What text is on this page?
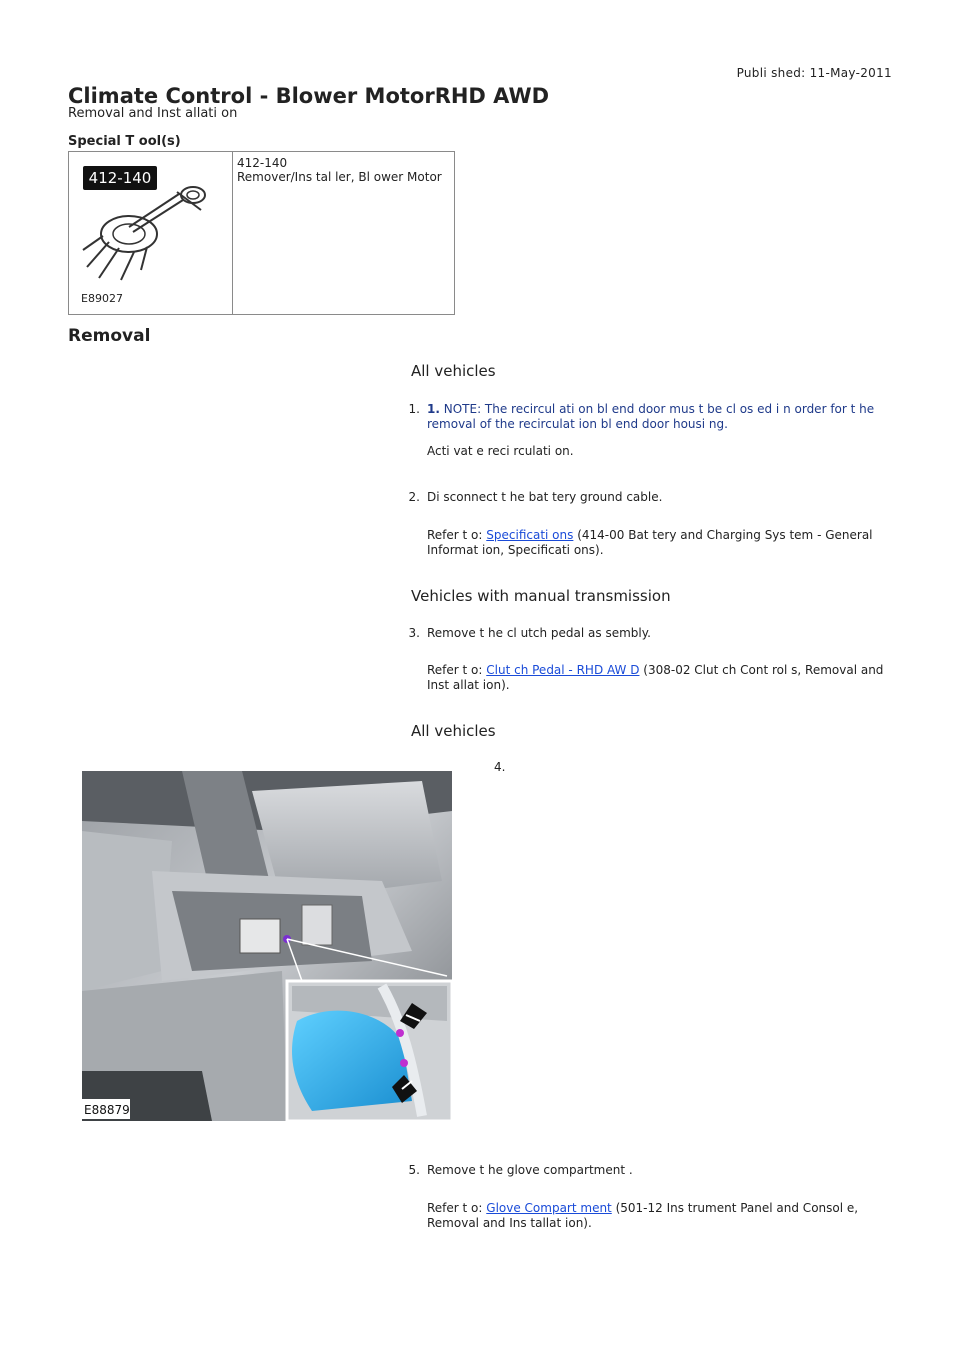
Publi shed: 11-May-2011
Climate Control - Blower MotorRHD AWD
Removal and Inst allati on
Special T ool(s)
412-140
E89027
412-140
Remover/Ins tal ler, Bl ower Motor
Removal
All vehicles
1. 1. NOTE: The recircul ati on bl end door mus t be cl os ed i n order for t he removal of the recirculat ion bl end door housi ng.
Acti vat e reci rculati on.
2. Di sconnect t he bat tery ground cable.
Refer t o: Specificati ons (414-00 Bat tery and Charging Sys tem - General Informat ion, Specificati ons).
Vehicles with manual transmission
3. Remove t he cl utch pedal as sembly.
Refer t o: Clut ch Pedal - RHD AW D (308-02 Clut ch Cont rol s, Removal and Inst allat ion).
All vehicles
4.
E88879
5. Remove t he glove compartment .
Refer t o: Glove Compart ment (501-12 Ins trument Panel and Consol e, Removal and Ins tallat ion).
